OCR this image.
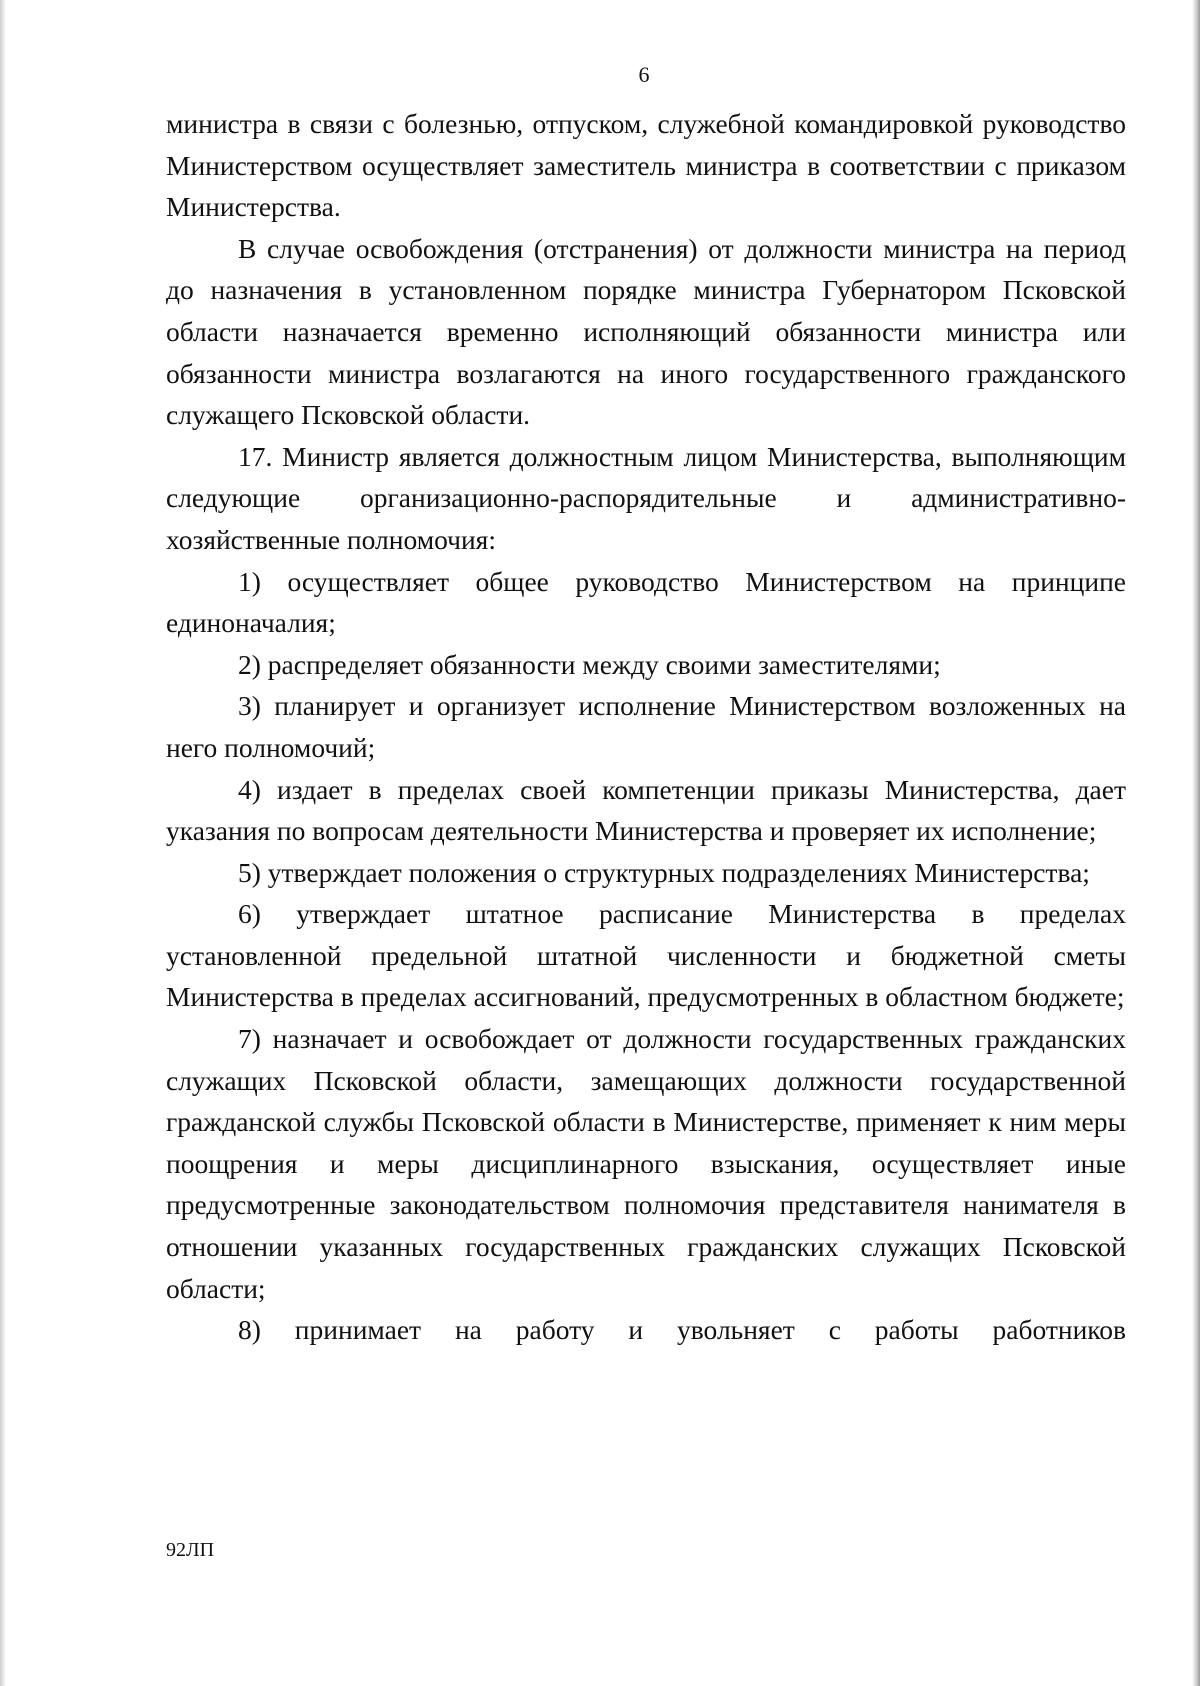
6

министра в связи с болезнью, отпуском, служебной командировкой руководство Министерством осуществляет заместитель министра в соответствии с приказом Министерства.

В случае освобождения (отстранения) от должности министра на период до назначения в установленном порядке министра Губернатором Псковской области назначается временно исполняющий обязанности министра или обязанности министра возлагаются на иного государственного гражданского служащего Псковской области.

17. Министр является должностным лицом Министерства, выполняющим следующие организационно-распорядительные и административно-хозяйственные полномочия:

1) осуществляет общее руководство Министерством на принципе единоначалия;

2) распределяет обязанности между своими заместителями;

3) планирует и организует исполнение Министерством возложенных на него полномочий;

4) издает в пределах своей компетенции приказы Министерства, дает указания по вопросам деятельности Министерства и проверяет их исполнение;

5) утверждает положения о структурных подразделениях Министерства;

6) утверждает штатное расписание Министерства в пределах установленной предельной штатной численности и бюджетной сметы Министерства в пределах ассигнований, предусмотренных в областном бюджете;

7) назначает и освобождает от должности государственных гражданских служащих Псковской области, замещающих должности государственной гражданской службы Псковской области в Министерстве, применяет к ним меры поощрения и меры дисциплинарного взыскания, осуществляет иные предусмотренные законодательством полномочия представителя нанимателя в отношении указанных государственных гражданских служащих Псковской области;

8) принимает на работу и увольняет с работы работников

92ЛП
